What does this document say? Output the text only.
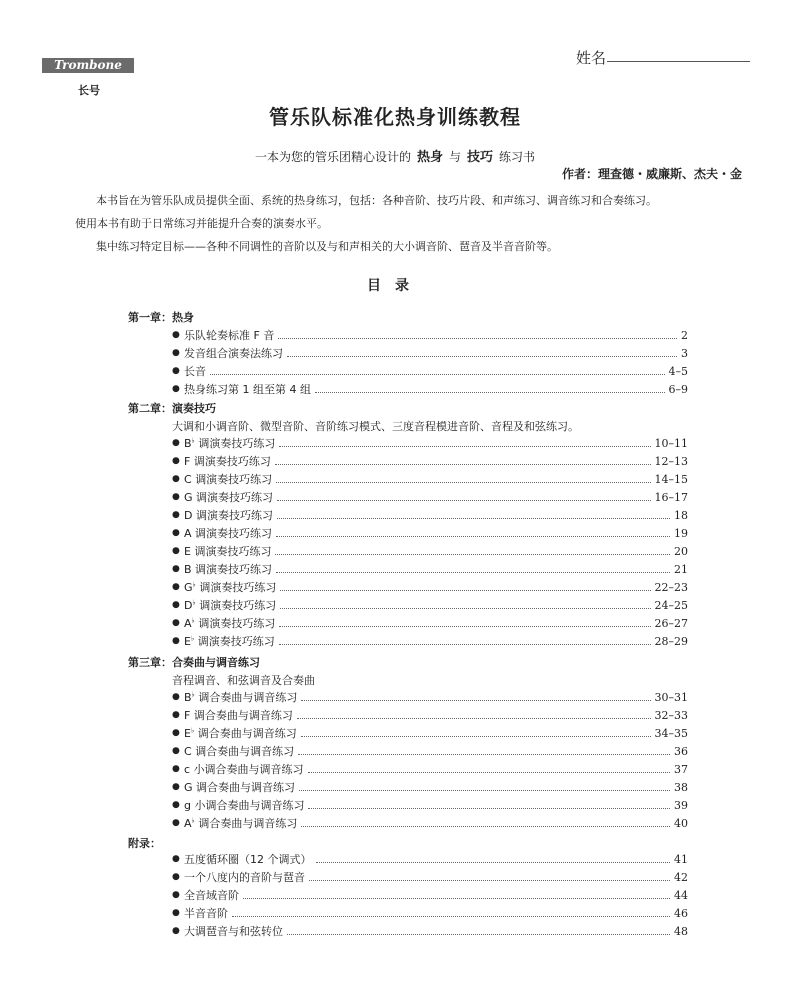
姓名
Trombone
长号
管乐队标准化热身训练教程
一本为您的管乐团精心设计的 热身 与 技巧 练习书
作者：理查德・威廉斯、杰夫・金
本书旨在为管乐队成员提供全面、系统的热身练习，包括：各种音阶、技巧片段、和声练习、调音练习和合奏练习。
使用本书有助于日常练习并能提升合奏的演奏水平。
集中练习特定目标——各种不同调性的音阶以及与和声相关的大小调音阶、琶音及半音音阶等。
目录
第一章：热身
● 乐队轮奏标准 F 音	2
● 发音组合演奏法练习	3
● 长音	4–5
● 热身练习第 1 组至第 4 组	6–9
第二章：演奏技巧
大调和小调音阶、微型音阶、音阶练习模式、三度音程模进音阶、音程及和弦练习。
● B♭ 调演奏技巧练习	10–11
● F 调演奏技巧练习	12–13
● C 调演奏技巧练习	14–15
● G 调演奏技巧练习	16–17
● D 调演奏技巧练习	18
● A 调演奏技巧练习	19
● E 调演奏技巧练习	20
● B 调演奏技巧练习	21
● G♭ 调演奏技巧练习	22–23
● D♭ 调演奏技巧练习	24–25
● A♭ 调演奏技巧练习	26–27
● E♭ 调演奏技巧练习	28–29
第三章：合奏曲与调音练习
音程调音、和弦调音及合奏曲
● B♭ 调合奏曲与调音练习	30–31
● F 调合奏曲与调音练习	32–33
● E♭ 调合奏曲与调音练习	34–35
● C 调合奏曲与调音练习	36
● c 小调合奏曲与调音练习	37
● G 调合奏曲与调音练习	38
● g 小调合奏曲与调音练习	39
● A♭ 调合奏曲与调音练习	40
附录：
● 五度循环圈（12 个调式）	41
● 一个八度内的音阶与琶音	42
● 全音域音阶	44
● 半音音阶	46
● 大调琶音与和弦转位	48
